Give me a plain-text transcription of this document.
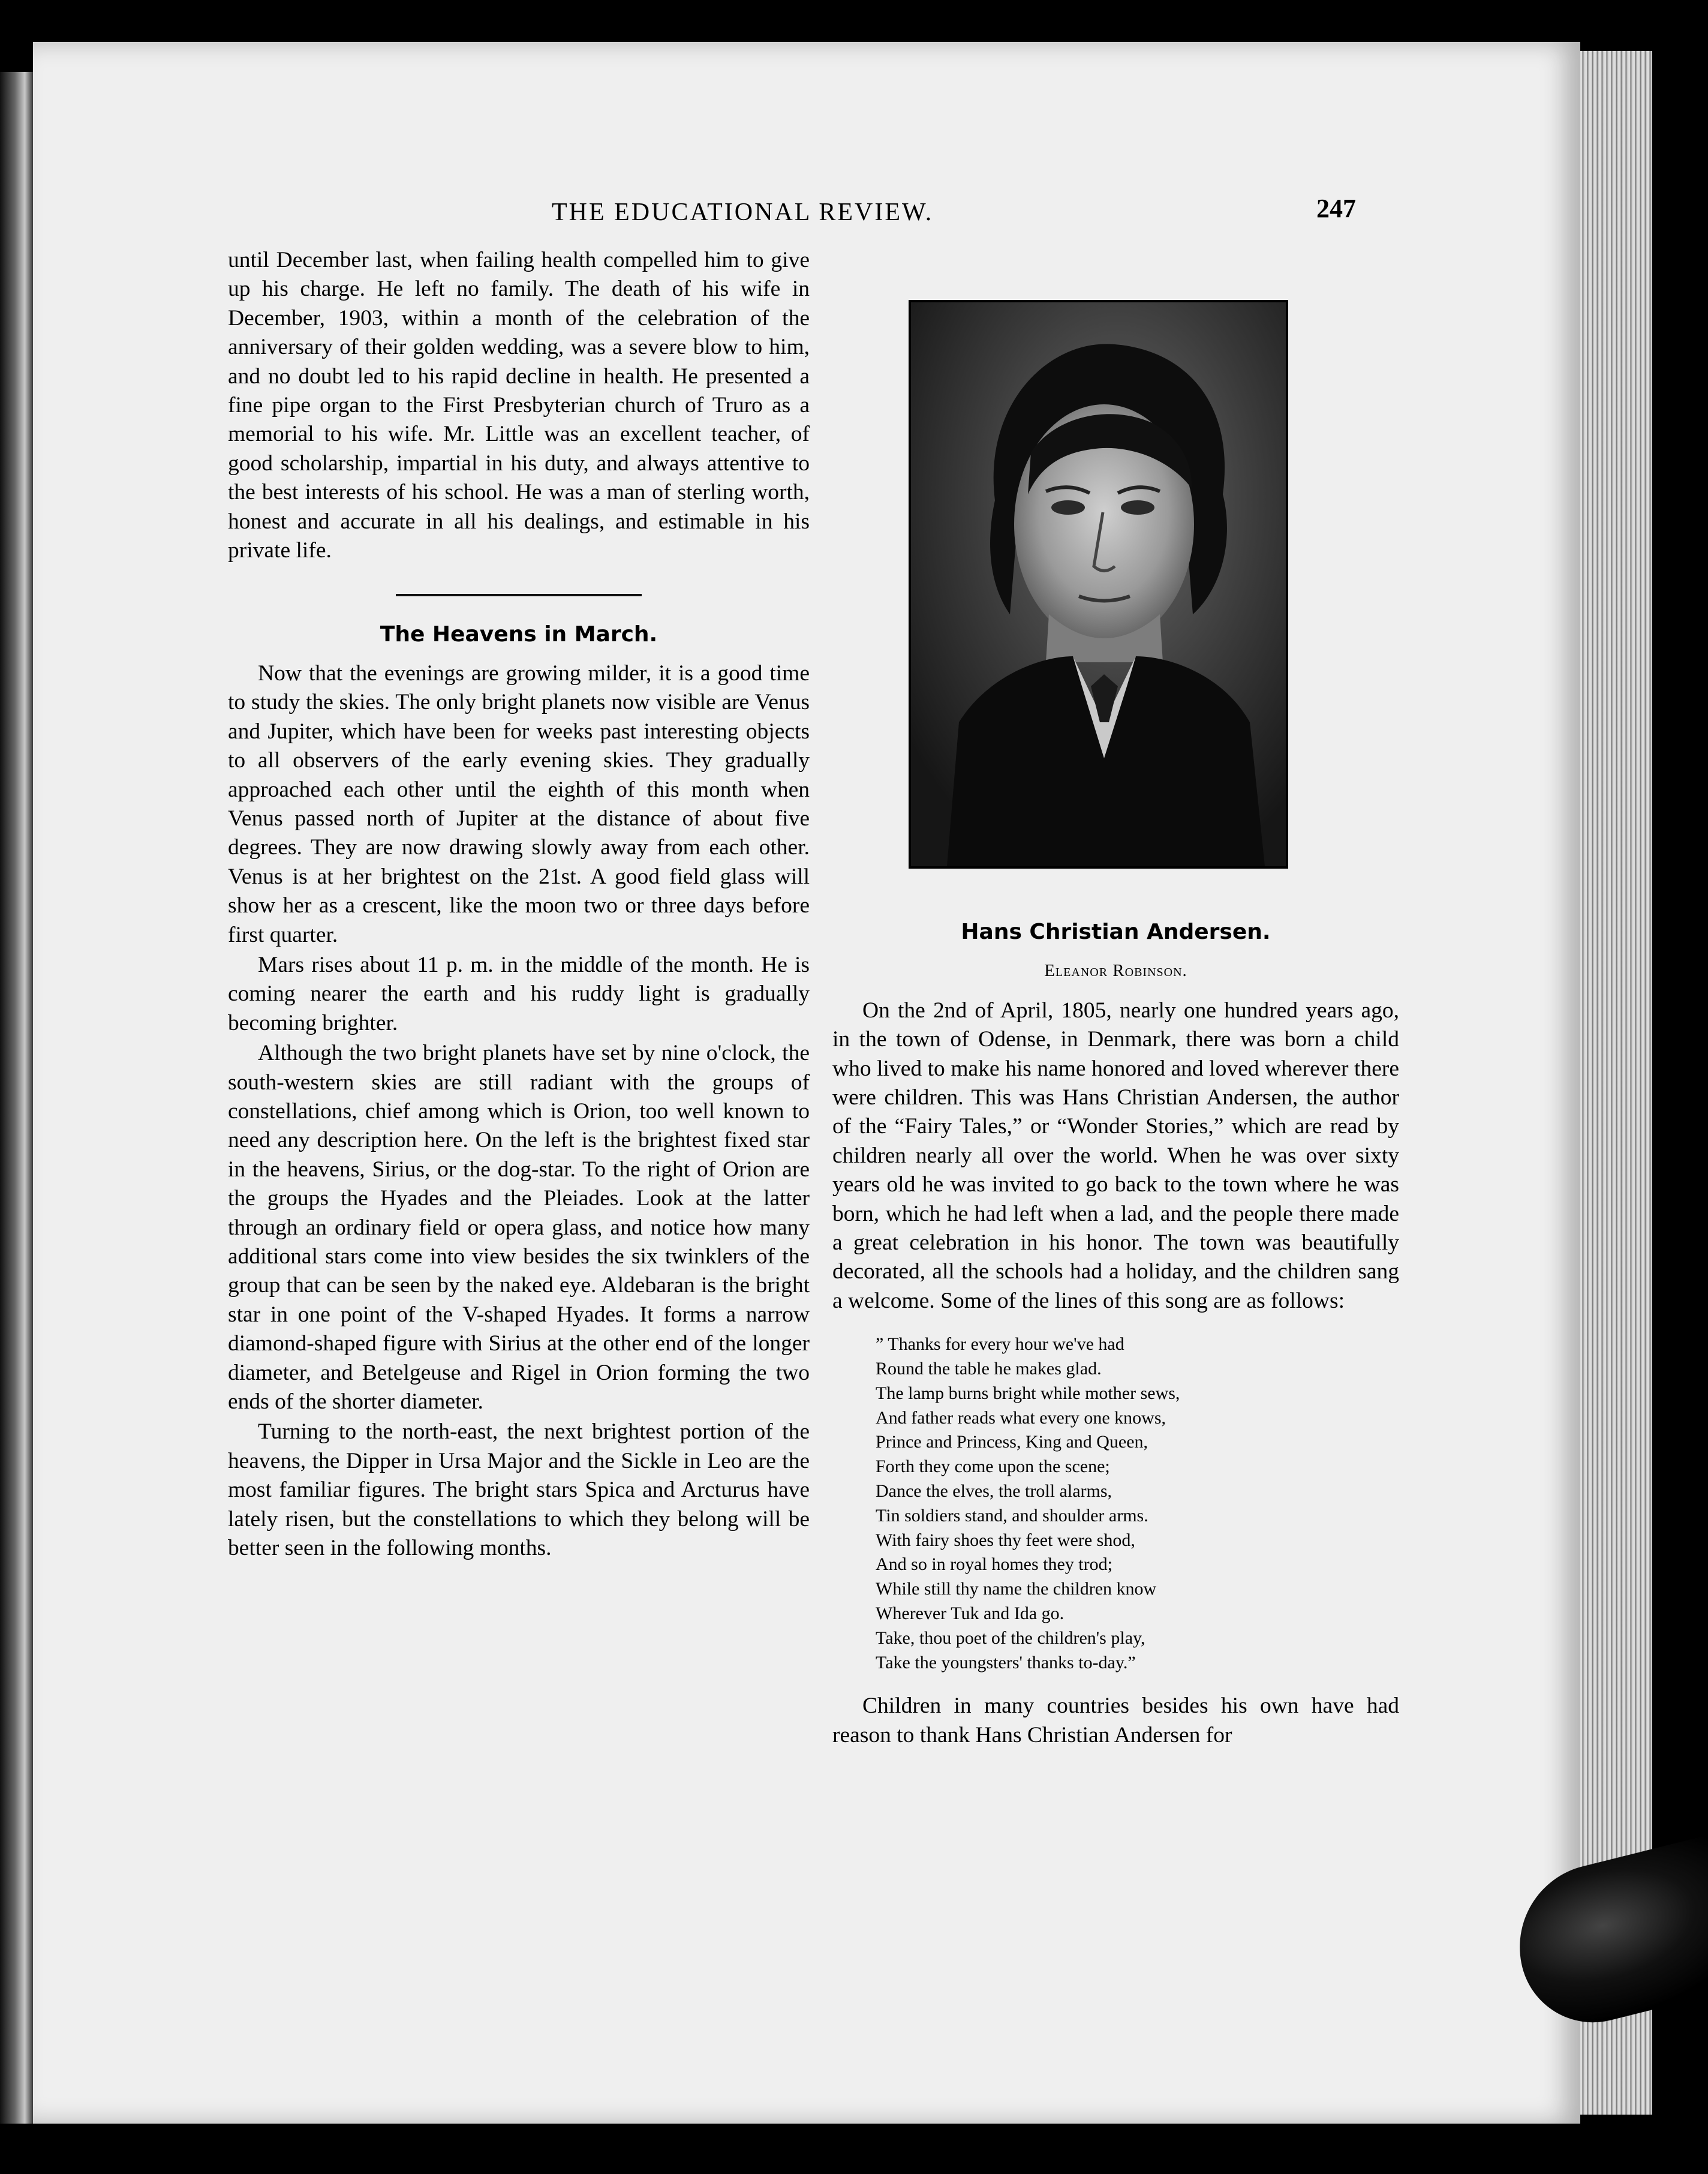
THE EDUCATIONAL REVIEW.	247

until December last, when failing health compelled him to give up his charge. He left no family. The death of his wife in December, 1903, within a month of the celebration of the anniversary of their golden wedding, was a severe blow to him, and no doubt led to his rapid decline in health. He presented a fine pipe organ to the First Presbyterian church of Truro as a memorial to his wife. Mr. Little was an excellent teacher, of good scholarship, impartial in his duty, and always attentive to the best interests of his school. He was a man of sterling worth, honest and accurate in all his dealings, and estimable in his private life.

The Heavens in March.

Now that the evenings are growing milder, it is a good time to study the skies. The only bright planets now visible are Venus and Jupiter, which have been for weeks past interesting objects to all observers of the early evening skies. They gradually approached each other until the eighth of this month when Venus passed north of Jupiter at the distance of about five degrees. They are now drawing slowly away from each other. Venus is at her brightest on the 21st. A good field glass will show her as a crescent, like the moon two or three days before first quarter.

Mars rises about 11 p. m. in the middle of the month. He is coming nearer the earth and his ruddy light is gradually becoming brighter.

Although the two bright planets have set by nine o'clock, the south-western skies are still radiant with the groups of constellations, chief among which is Orion, too well known to need any description here. On the left is the brightest fixed star in the heavens, Sirius, or the dog-star. To the right of Orion are the groups the Hyades and the Pleiades. Look at the latter through an ordinary field or opera glass, and notice how many additional stars come into view besides the six twinklers of the group that can be seen by the naked eye. Aldebaran is the bright star in one point of the V-shaped Hyades. It forms a narrow diamond-shaped figure with Sirius at the other end of the longer diameter, and Betelgeuse and Rigel in Orion forming the two ends of the shorter diameter.

Turning to the north-east, the next brightest portion of the heavens, the Dipper in Ursa Major and the Sickle in Leo are the most familiar figures. The bright stars Spica and Arcturus have lately risen, but the constellations to which they belong will be better seen in the following months.

Hans Christian Andersen.
Eleanor Robinson.

On the 2nd of April, 1805, nearly one hundred years ago, in the town of Odense, in Denmark, there was born a child who lived to make his name honored and loved wherever there were children. This was Hans Christian Andersen, the author of the “Fairy Tales,” or “Wonder Stories,” which are read by children nearly all over the world. When he was over sixty years old he was invited to go back to the town where he was born, which he had left when a lad, and the people there made a great celebration in his honor. The town was beautifully decorated, all the schools had a holiday, and the children sang a welcome. Some of the lines of this song are as follows:

” Thanks for every hour we've had
Round the table he makes glad.
The lamp burns bright while mother sews,
And father reads what every one knows,
Prince and Princess, King and Queen,
Forth they come upon the scene;
Dance the elves, the troll alarms,
Tin soldiers stand, and shoulder arms.
With fairy shoes thy feet were shod,
And so in royal homes they trod;
While still thy name the children know
Wherever Tuk and Ida go.
Take, thou poet of the children's play,
Take the youngsters' thanks to-day.”

Children in many countries besides his own have had reason to thank Hans Christian Andersen for
